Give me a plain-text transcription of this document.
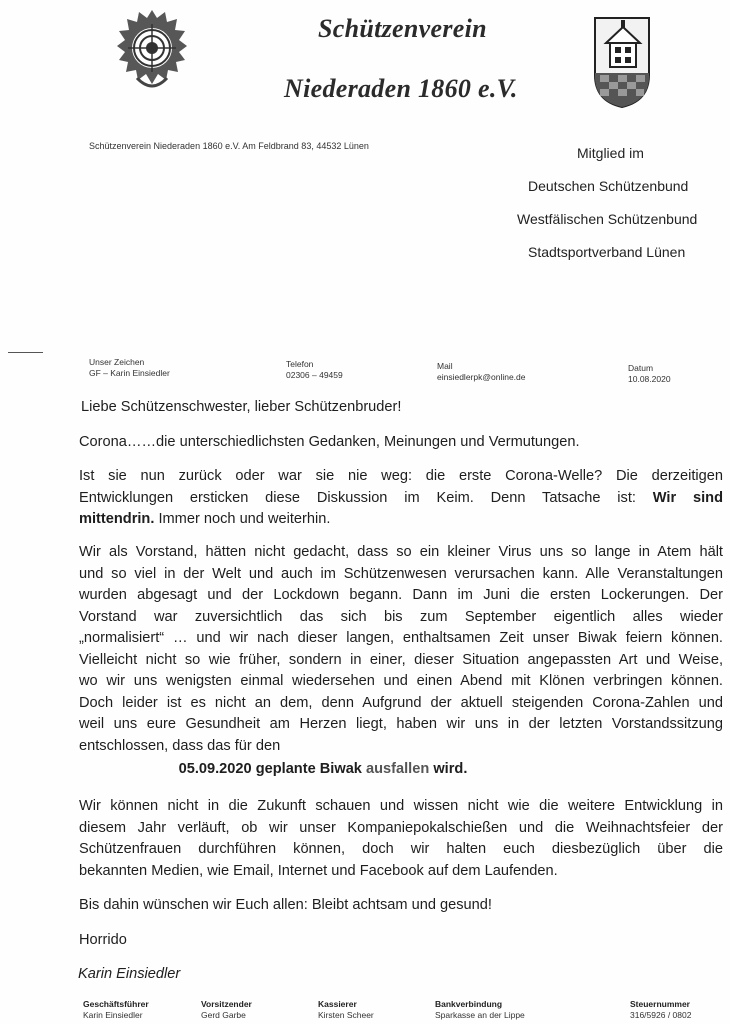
Schützenverein
Niederaden 1860 e.V.
Schützenverein Niederaden 1860 e.V. Am Feldbrand 83, 44532 Lünen	Mitglied im
Deutschen Schützenbund
Westfälischen Schützenbund
Stadtsportverband Lünen
Unser Zeichen
GF – Karin Einsiedler
Telefon
02306 – 49459
Mail
einsiedlerpk@online.de
Datum
10.08.2020
Liebe Schützenschwester, lieber Schützenbruder!
Corona……die unterschiedlichsten Gedanken, Meinungen und Vermutungen.
Ist sie nun zurück oder war sie nie weg: die erste Corona-Welle? Die derzeitigen
Entwicklungen ersticken diese Diskussion im Keim. Denn Tatsache ist: Wir sind
mittendrin. Immer noch und weiterhin.
Wir als Vorstand, hätten nicht gedacht, dass so ein kleiner Virus uns so lange in Atem hält
und so viel in der Welt und auch im Schützenwesen verursachen kann. Alle Veranstaltungen
wurden abgesagt und der Lockdown begann. Dann im Juni die ersten Lockerungen. Der
Vorstand war zuversichtlich das sich bis zum September eigentlich alles wieder
„normalisiert“ … und wir nach dieser langen, enthaltsamen Zeit unser Biwak feiern können.
Vielleicht nicht so wie früher, sondern in einer, dieser Situation angepassten Art und Weise,
wo wir uns wenigsten einmal wiedersehen und einen Abend mit Klönen verbringen können.
Doch leider ist es nicht an dem, denn Aufgrund der aktuell steigenden Corona-Zahlen und
weil uns eure Gesundheit am Herzen liegt, haben wir uns in der letzten Vorstandssitzung
entschlossen, dass das für den
05.09.2020 geplante Biwak ausfallen wird.
Wir können nicht in die Zukunft schauen und wissen nicht wie die weitere Entwicklung in
diesem Jahr verläuft, ob wir unser Kompaniepokalschießen und die Weihnachtsfeier der
Schützenfrauen durchführen können, doch wir halten euch diesbezüglich über die
bekannten Medien, wie Email, Internet und Facebook auf dem Laufenden.
Bis dahin wünschen wir Euch allen: Bleibt achtsam und gesund!
Horrido
Karin Einsiedler
Geschäftsführer
Karin Einsiedler
Vorsitzender
Gerd Garbe
Kassierer
Kirsten Scheer
Bankverbindung
Sparkasse an der Lippe
Steuernummer
316/5926 / 0802
